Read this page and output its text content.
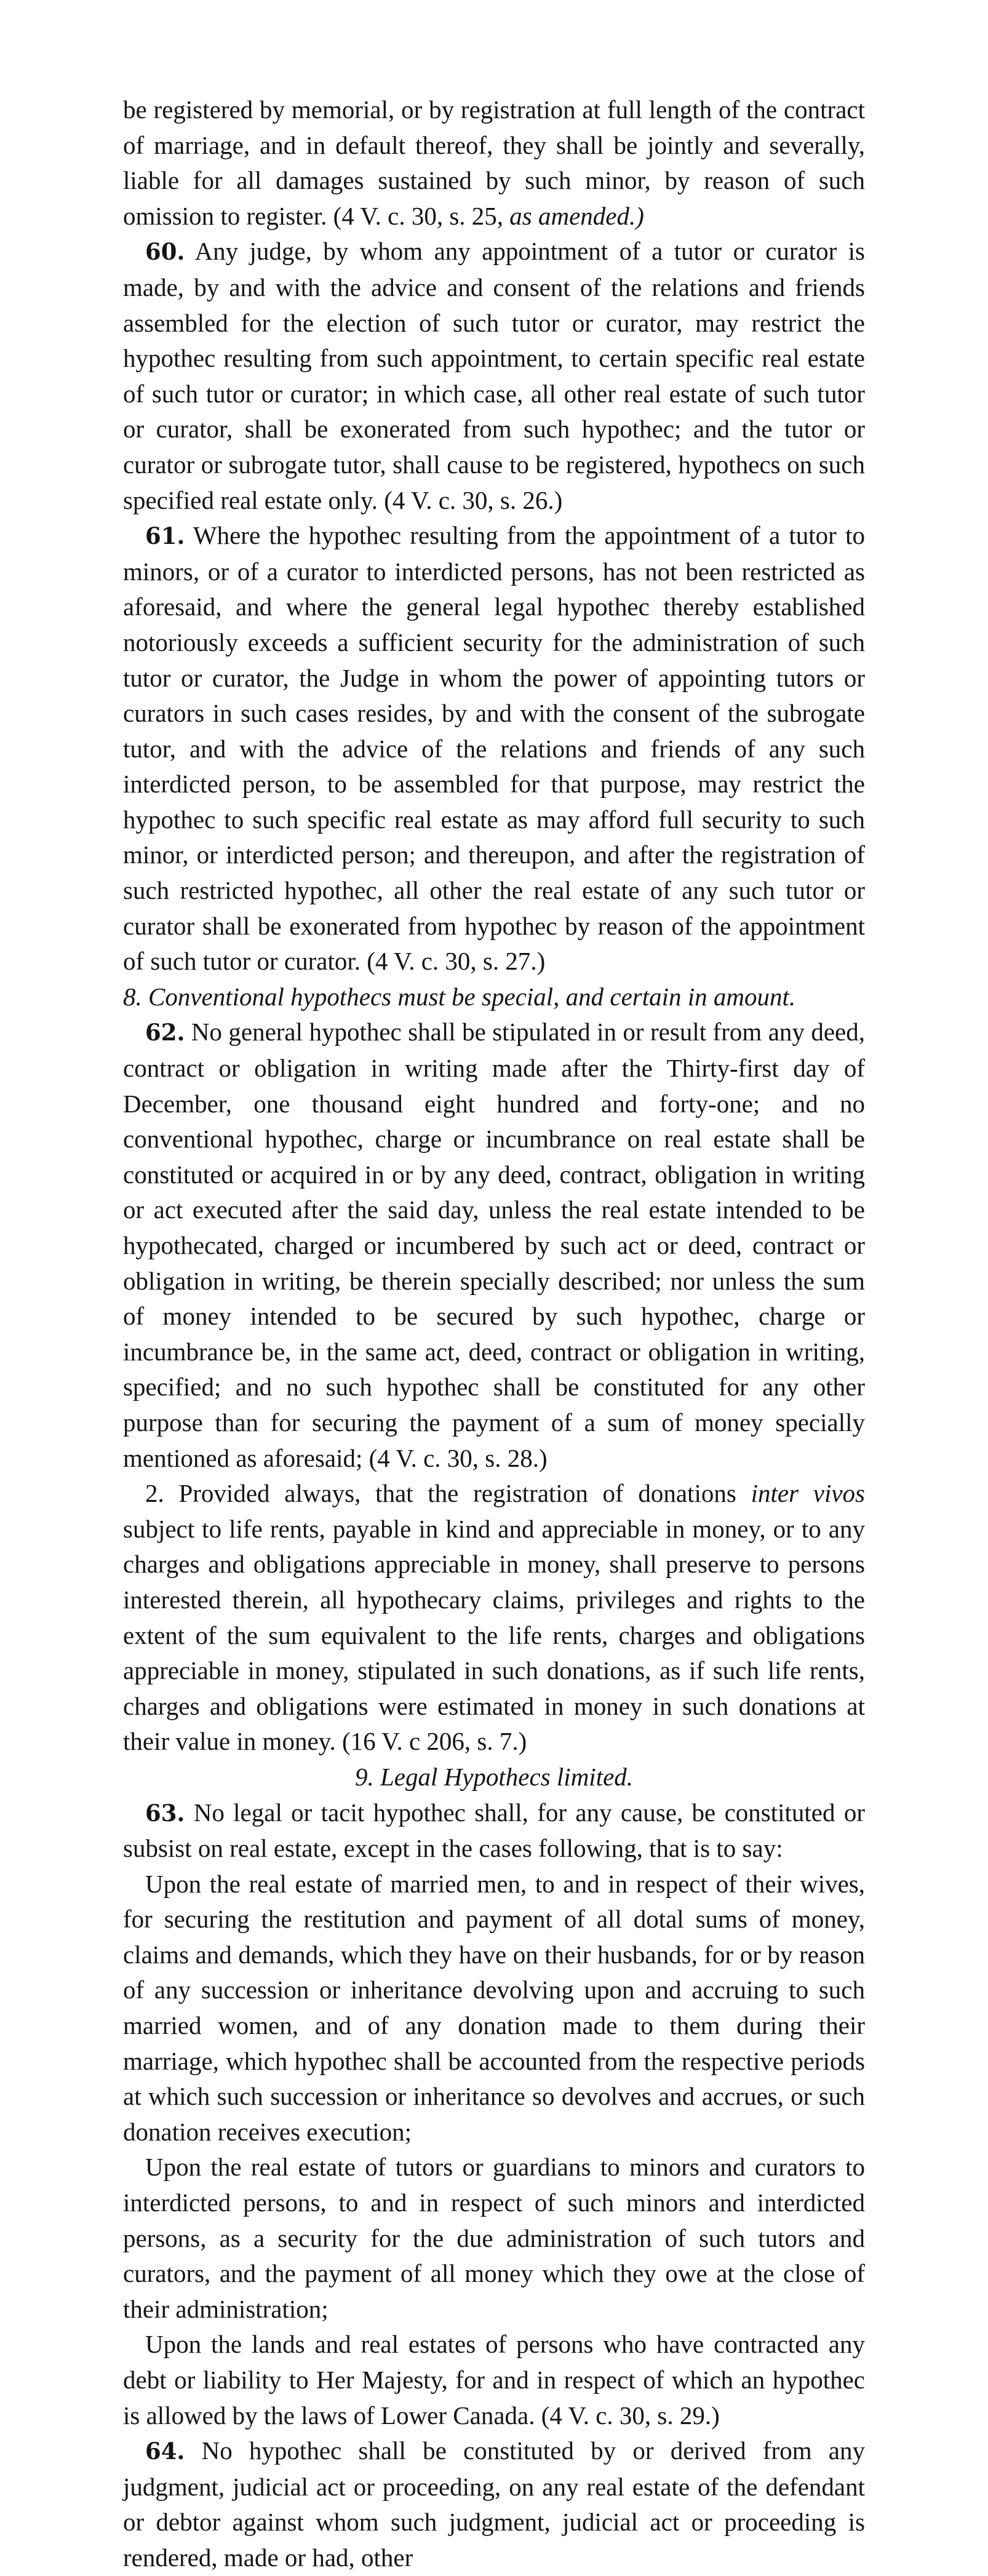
be registered by memorial, or by registration at full length of the contract of marriage, and in default thereof, they shall be jointly and severally, liable for all damages sustained by such minor, by reason of such omission to register. (4 V. c. 30, s. 25, as amended.)

60. Any judge, by whom any appointment of a tutor or curator is made, by and with the advice and consent of the relations and friends assembled for the election of such tutor or curator, may restrict the hypothec resulting from such appointment, to certain specific real estate of such tutor or curator; in which case, all other real estate of such tutor or curator, shall be exonerated from such hypothec; and the tutor or curator or subrogate tutor, shall cause to be registered, hypothecs on such specified real estate only. (4 V. c. 30, s. 26.)

61. Where the hypothec resulting from the appointment of a tutor to minors, or of a curator to interdicted persons, has not been restricted as aforesaid, and where the general legal hypothec thereby established notoriously exceeds a sufficient security for the administration of such tutor or curator, the Judge in whom the power of appointing tutors or curators in such cases resides, by and with the consent of the subrogate tutor, and with the advice of the relations and friends of any such interdicted person, to be assembled for that purpose, may restrict the hypothec to such specific real estate as may afford full security to such minor, or interdicted person; and thereupon, and after the registration of such restricted hypothec, all other the real estate of any such tutor or curator shall be exonerated from hypothec by reason of the appointment of such tutor or curator. (4 V. c. 30, s. 27.)

8. Conventional hypothecs must be special, and certain in amount.

62. No general hypothec shall be stipulated in or result from any deed, contract or obligation in writing made after the Thirty-first day of December, one thousand eight hundred and forty-one; and no conventional hypothec, charge or incumbrance on real estate shall be constituted or acquired in or by any deed, contract, obligation in writing or act executed after the said day, unless the real estate intended to be hypothecated, charged or incumbered by such act or deed, contract or obligation in writing, be therein specially described; nor unless the sum of money intended to be secured by such hypothec, charge or incumbrance be, in the same act, deed, contract or obligation in writing, specified; and no such hypothec shall be constituted for any other purpose than for securing the payment of a sum of money specially mentioned as aforesaid; (4 V. c. 30, s. 28.)

2. Provided always, that the registration of donations inter vivos subject to life rents, payable in kind and appreciable in money, or to any charges and obligations appreciable in money, shall preserve to persons interested therein, all hypothecary claims, privileges and rights to the extent of the sum equivalent to the life rents, charges and obligations appreciable in money, stipulated in such donations, as if such life rents, charges and obligations were estimated in money in such donations at their value in money. (16 V. c 206, s. 7.)

9. Legal Hypothecs limited.

63. No legal or tacit hypothec shall, for any cause, be constituted or subsist on real estate, except in the cases following, that is to say:

Upon the real estate of married men, to and in respect of their wives, for securing the restitution and payment of all dotal sums of money, claims and demands, which they have on their husbands, for or by reason of any succession or inheritance devolving upon and accruing to such married women, and of any donation made to them during their marriage, which hypothec shall be accounted from the respective periods at which such succession or inheritance so devolves and accrues, or such donation receives execution;

Upon the real estate of tutors or guardians to minors and curators to interdicted persons, to and in respect of such minors and interdicted persons, as a security for the due administration of such tutors and curators, and the payment of all money which they owe at the close of their administration;

Upon the lands and real estates of persons who have contracted any debt or liability to Her Majesty, for and in respect of which an hypothec is allowed by the laws of Lower Canada. (4 V. c. 30, s. 29.)

64. No hypothec shall be constituted by or derived from any judgment, judicial act or proceeding, on any real estate of the defendant or debtor against whom such judgment, judicial act or proceeding is rendered, made or had, other
